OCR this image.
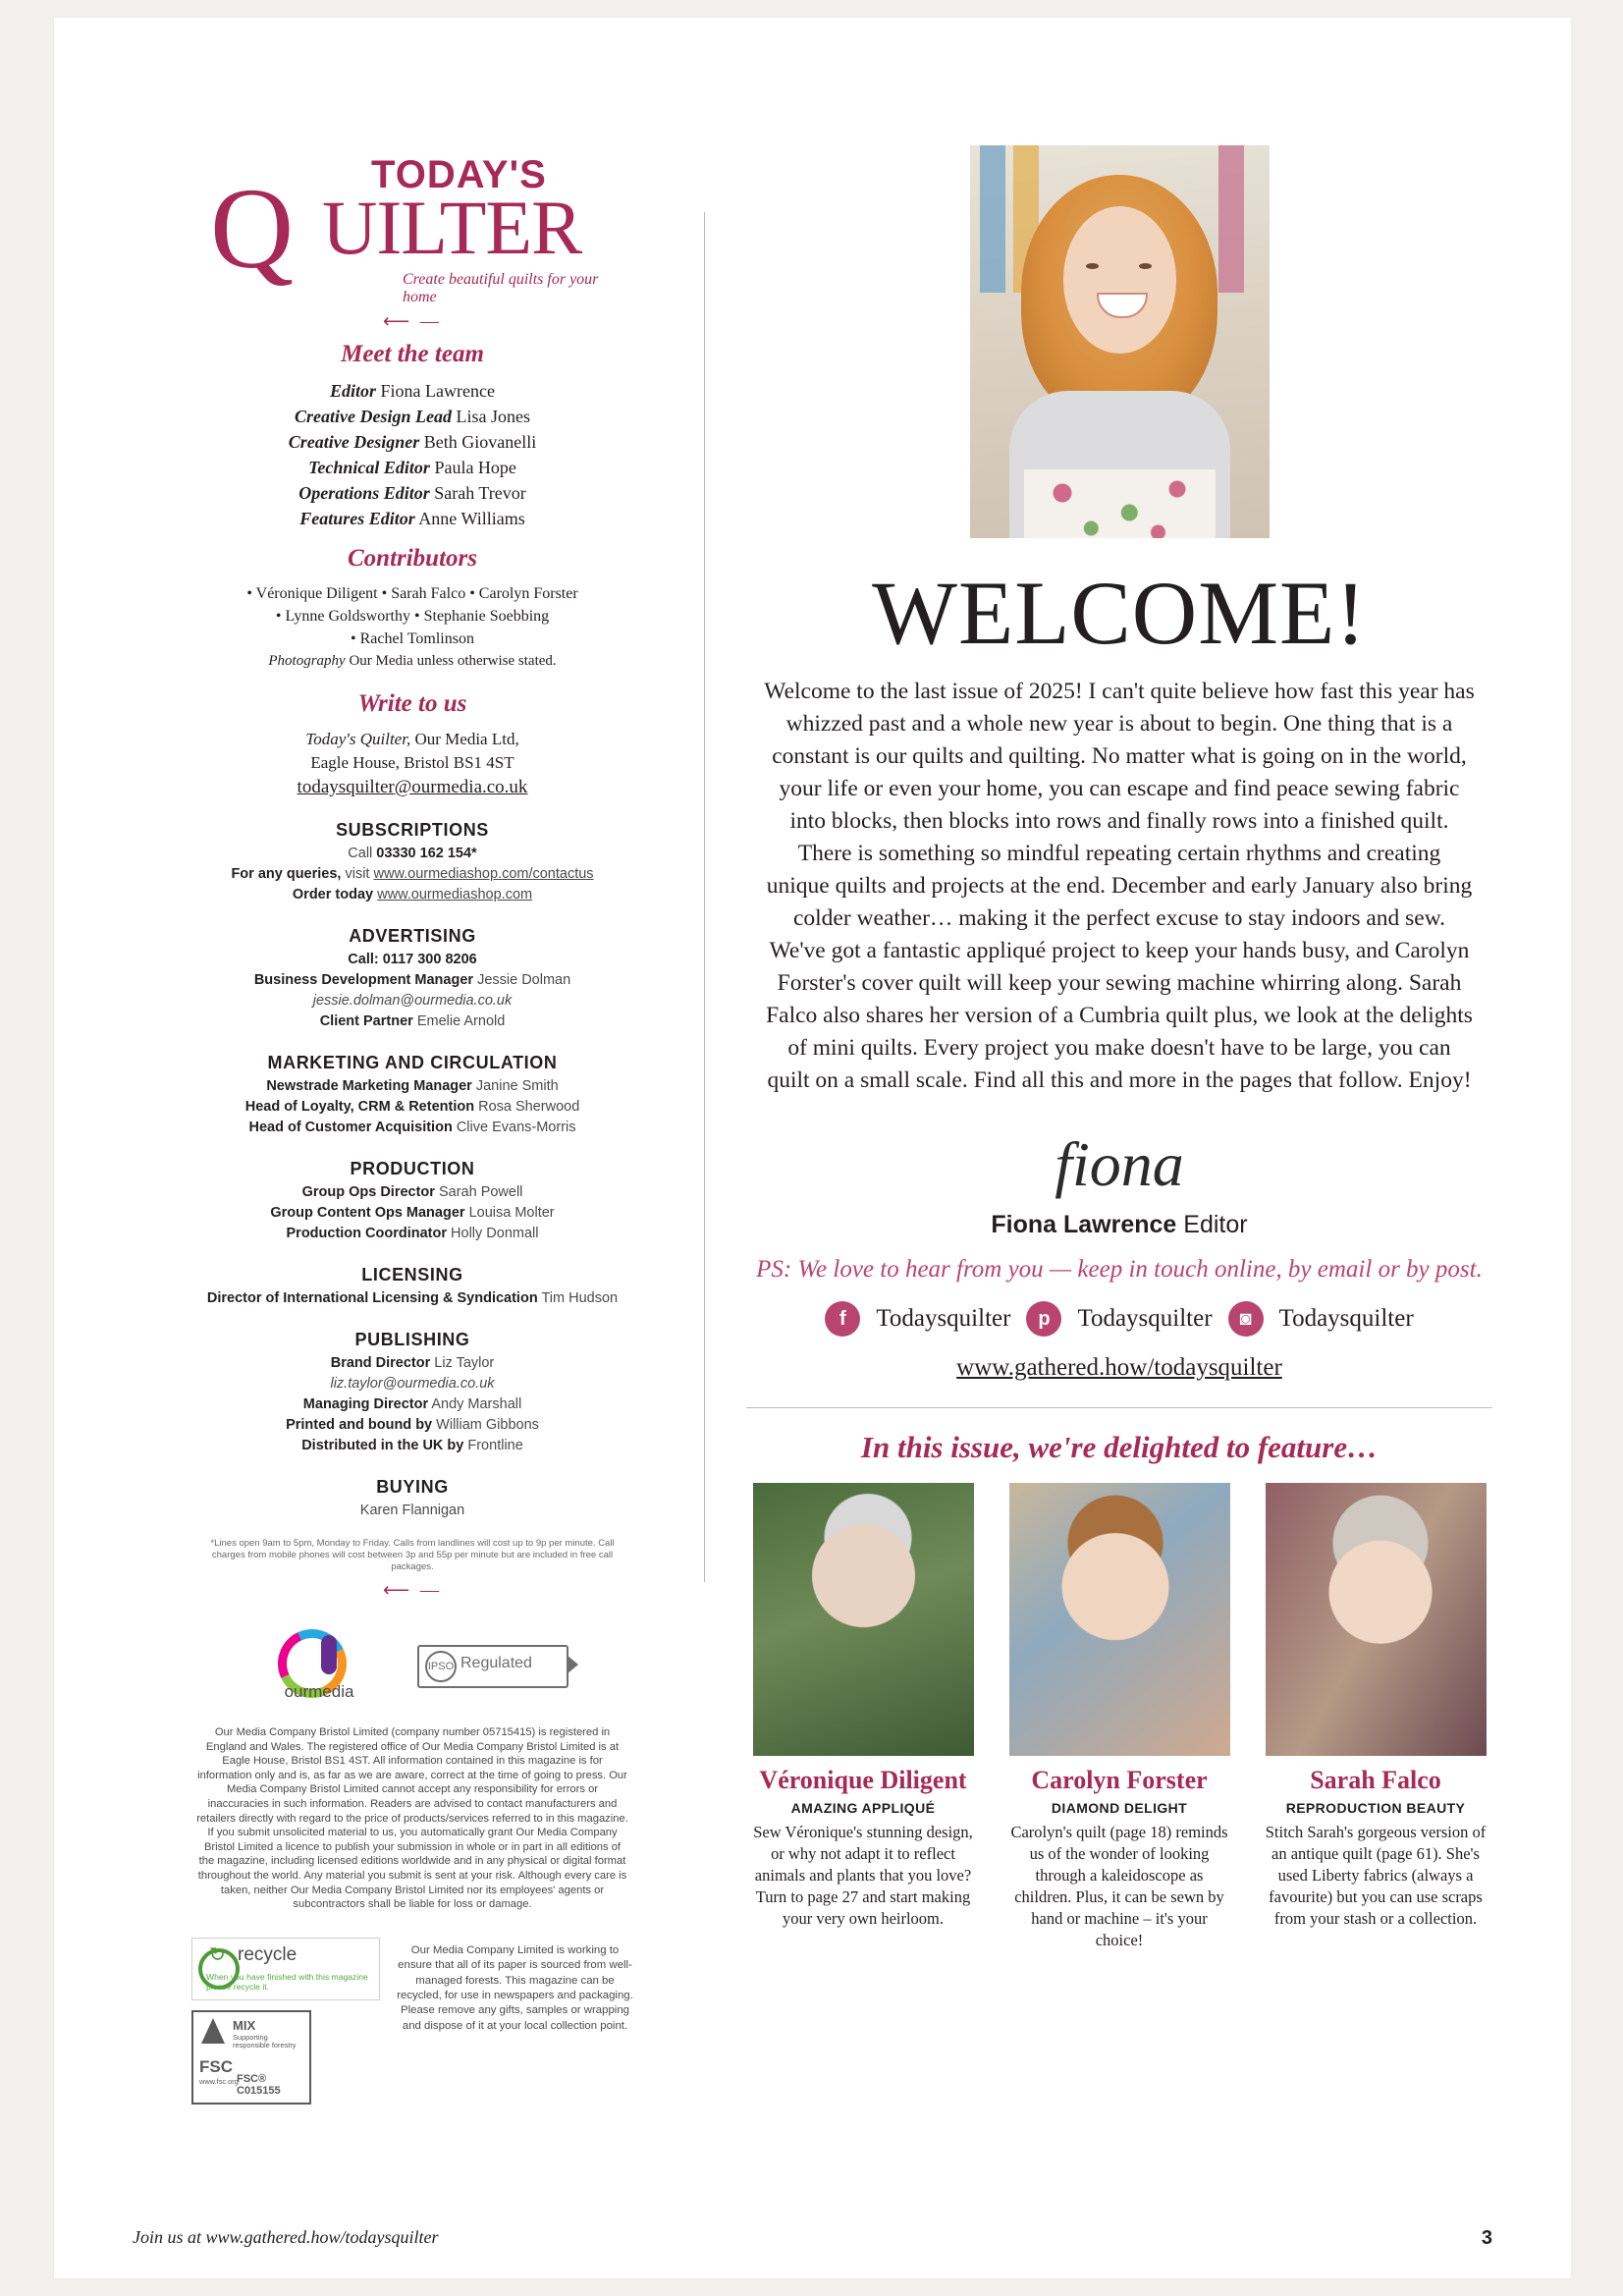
TODAY'S
Q UILTER
Create beautiful quilts for your home
⟵ ―
Meet the team
Editor Fiona Lawrence
Creative Design Lead Lisa Jones
Creative Designer Beth Giovanelli
Technical Editor Paula Hope
Operations Editor Sarah Trevor
Features Editor Anne Williams
Contributors
• Véronique Diligent • Sarah Falco • Carolyn Forster
• Lynne Goldsworthy • Stephanie Soebbing
• Rachel Tomlinson
Photography Our Media unless otherwise stated.
Write to us
Today's Quilter, Our Media Ltd,
Eagle House, Bristol BS1 4ST
todaysquilter@ourmedia.co.uk
SUBSCRIPTIONS

Call 03330 162 154*

For any queries, visit www.ourmediashop.com/contactus

Order today www.ourmediashop.com

ADVERTISING

Call: 0117 300 8206

Business Development Manager Jessie Dolman

jessie.dolman@ourmedia.co.uk

Client Partner Emelie Arnold

MARKETING AND CIRCULATION

Newstrade Marketing Manager Janine Smith

Head of Loyalty, CRM & Retention Rosa Sherwood

Head of Customer Acquisition Clive Evans-Morris

PRODUCTION

Group Ops Director Sarah Powell

Group Content Ops Manager Louisa Molter

Production Coordinator Holly Donmall

LICENSING

Director of International Licensing & Syndication Tim Hudson

PUBLISHING

Brand Director Liz Taylor

liz.taylor@ourmedia.co.uk

Managing Director Andy Marshall

Printed and bound by William Gibbons

Distributed in the UK by Frontline

BUYING

Karen Flannigan

*Lines open 9am to 5pm, Monday to Friday. Calls from landlines will cost up to 9p per minute. Call charges from mobile phones will cost between 3p and 55p per minute but are included in free call packages.
⟵ ―
ourmedia
IPSO Regulated
Our Media Company Bristol Limited (company number 05715415) is registered in England and Wales. The registered office of Our Media Company Bristol Limited is at Eagle House, Bristol BS1 4ST. All information contained in this magazine is for information only and is, as far as we are aware, correct at the time of going to press. Our Media Company Bristol Limited cannot accept any responsibility for errors or inaccuracies in such information. Readers are advised to contact manufacturers and retailers directly with regard to the price of products/services referred to in this magazine. If you submit unsolicited material to us, you automatically grant Our Media Company Bristol Limited a licence to publish your submission in whole or in part in all editions of the magazine, including licensed editions worldwide and in any physical or digital format throughout the world. Any material you submit is sent at your risk. Although every care is taken, neither Our Media Company Bristol Limited nor its employees' agents or subcontractors shall be liable for loss or damage.
↻ recycle
When you have finished with this magazine please recycle it.
MIX
Supporting responsible forestry
FSC
www.fsc.org
FSC® C015155
Our Media Company Limited is working to ensure that all of its paper is sourced from well-managed forests. This magazine can be recycled, for use in newspapers and packaging. Please remove any gifts, samples or wrapping and dispose of it at your local collection point.
WELCOME!
Welcome to the last issue of 2025! I can't quite believe how fast this year has whizzed past and a whole new year is about to begin. One thing that is a constant is our quilts and quilting. No matter what is going on in the world, your life or even your home, you can escape and find peace sewing fabric into blocks, then blocks into rows and finally rows into a finished quilt. There is something so mindful repeating certain rhythms and creating unique quilts and projects at the end. December and early January also bring colder weather… making it the perfect excuse to stay indoors and sew. We've got a fantastic appliqué project to keep your hands busy, and Carolyn Forster's cover quilt will keep your sewing machine whirring along. Sarah Falco also shares her version of a Cumbria quilt plus, we look at the delights of mini quilts. Every project you make doesn't have to be large, you can quilt on a small scale. Find all this and more in the pages that follow. Enjoy!
fiona
Fiona Lawrence Editor
PS: We love to hear from you — keep in touch online, by email or by post.
f	Todaysquilter	p	Todaysquilter	◙	Todaysquilter
www.gathered.how/todaysquilter
In this issue, we're delighted to feature…
Véronique Diligent
AMAZING APPLIQUÉ
Sew Véronique's stunning design, or why not adapt it to reflect animals and plants that you love? Turn to page 27 and start making your very own heirloom.
Carolyn Forster
DIAMOND DELIGHT
Carolyn's quilt (page 18) reminds us of the wonder of looking through a kaleidoscope as children. Plus, it can be sewn by hand or machine – it's your choice!
Sarah Falco
REPRODUCTION BEAUTY
Stitch Sarah's gorgeous version of an antique quilt (page 61). She's used Liberty fabrics (always a favourite) but you can use scraps from your stash or a collection.
Join us at www.gathered.how/todaysquilter	3
